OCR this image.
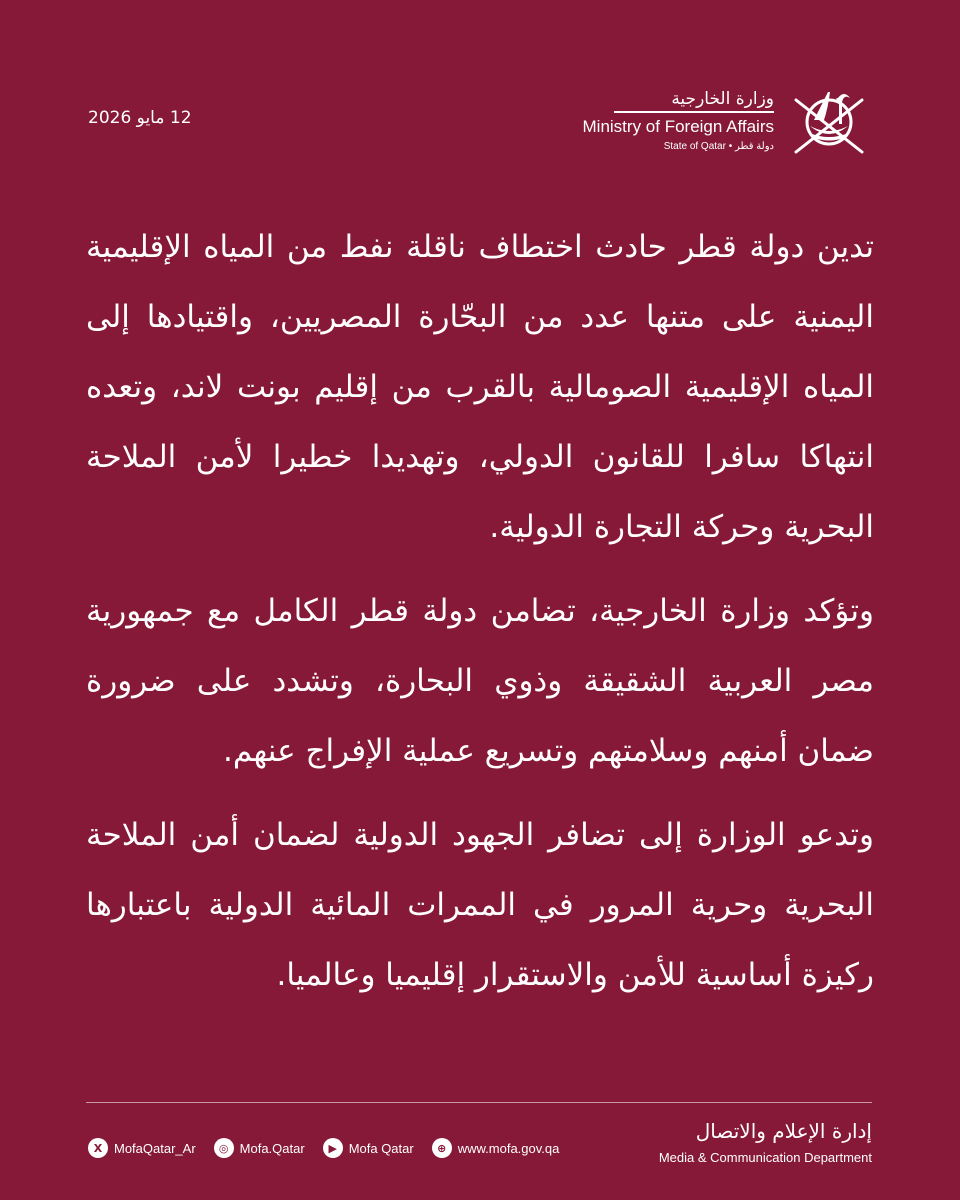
12 مايو 2026
وزارة الخارجية
Ministry of Foreign Affairs
State of Qatar • دولة قطر

تدين دولة قطر حادث اختطاف ناقلة نفط من المياه الإقليمية اليمنية على متنها عدد من البحّارة المصريين، واقتيادها إلى المياه الإقليمية الصومالية بالقرب من إقليم بونت لاند، وتعده انتهاكا سافرا للقانون الدولي، وتهديدا خطيرا لأمن الملاحة البحرية وحركة التجارة الدولية.

وتؤكد وزارة الخارجية، تضامن دولة قطر الكامل مع جمهورية مصر العربية الشقيقة وذوي البحارة، وتشدد على ضرورة ضمان أمنهم وسلامتهم وتسريع عملية الإفراج عنهم.

وتدعو الوزارة إلى تضافر الجهود الدولية لضمان أمن الملاحة البحرية وحرية المرور في الممرات المائية الدولية باعتبارها ركيزة أساسية للأمن والاستقرار إقليميا وعالميا.

X MofaQatar_Ar	◎ Mofa.Qatar	▶ Mofa Qatar	⊕ www.mofa.gov.qa
إدارة الإعلام والاتصال
Media & Communication Department
